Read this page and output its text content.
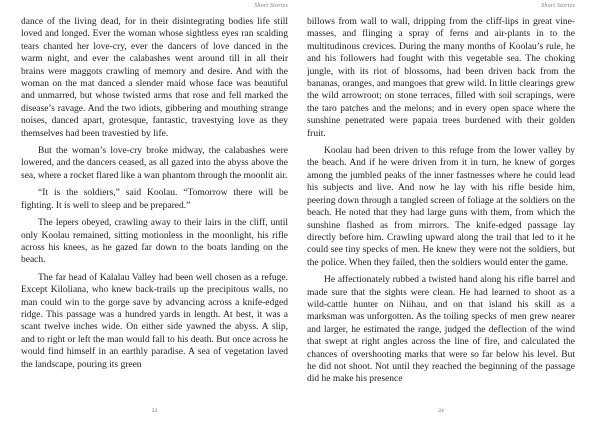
Short Stories

dance of the living dead, for in their disintegrating bodies life still loved and longed. Ever the woman whose sightless eyes ran scalding tears chanted her love-cry, ever the dancers of love danced in the warm night, and ever the calabashes went around till in all their brains were maggots crawling of memory and desire. And with the woman on the mat danced a slender maid whose face was beautiful and unmarred, but whose twisted arms that rose and fell marked the disease’s ravage. And the two idiots, gibbering and mouthing strange noises, danced apart, grotesque, fantastic, travestying love as they themselves had been travestied by life.

But the woman’s love-cry broke midway, the calabashes were lowered, and the dancers ceased, as all gazed into the abyss above the sea, where a rocket flared like a wan phantom through the moonlit air.

“It is the soldiers,” said Koolau. “Tomorrow there will be fighting. It is well to sleep and be prepared.”

The lepers obeyed, crawling away to their lairs in the cliff, until only Koolau remained, sitting motionless in the moonlight, his rifle across his knees, as he gazed far down to the boats landing on the beach.

The far head of Kalalau Valley had been well chosen as a refuge. Except Kiloliana, who knew back-trails up the precipitous walls, no man could win to the gorge save by advancing across a knife-edged ridge. This passage was a hundred yards in length. At best, it was a scant twelve inches wide. On either side yawned the abyss. A slip, and to right or left the man would fall to his death. But once across he would find himself in an earthly paradise. A sea of vegetation laved the landscape, pouring its green

23
Short Stories

billows from wall to wall, dripping from the cliff-lips in great vine-masses, and flinging a spray of ferns and air-plants in to the multitudinous crevices. During the many months of Koolau’s rule, he and his followers had fought with this vegetable sea. The choking jungle, with its riot of blossoms, had been driven back from the bananas, oranges, and mangoes that grew wild. In little clearings grew the wild arrowroot; on stone terraces, filled with soil scrapings, were the taro patches and the melons; and in every open space where the sunshine penetrated were papaia trees burdened with their golden fruit.

Koolau had been driven to this refuge from the lower valley by the beach. And if he were driven from it in turn, he knew of gorges among the jumbled peaks of the inner fastnesses where he could lead his subjects and live. And now he lay with his rifle beside him, peering down through a tangled screen of foliage at the soldiers on the beach. He noted that they had large guns with them, from which the sunshine flashed as from mirrors. The knife-edged passage lay directly before him. Crawling upward along the trail that led to it he could see tiny specks of men. He knew they were not the soldiers, but the police. When they failed, then the soldiers would enter the game.

He affectionately rubbed a twisted hand along his rifle barrel and made sure that the sights were clean. He had learned to shoot as a wild-cattle hunter on Niihau, and on that island his skill as a marksman was unforgotten. As the toiling specks of men grew nearer and larger, he estimated the range, judged the deflection of the wind that swept at right angles across the line of fire, and calculated the chances of overshooting marks that were so far below his level. But he did not shoot. Not until they reached the beginning of the passage did he make his presence

24
